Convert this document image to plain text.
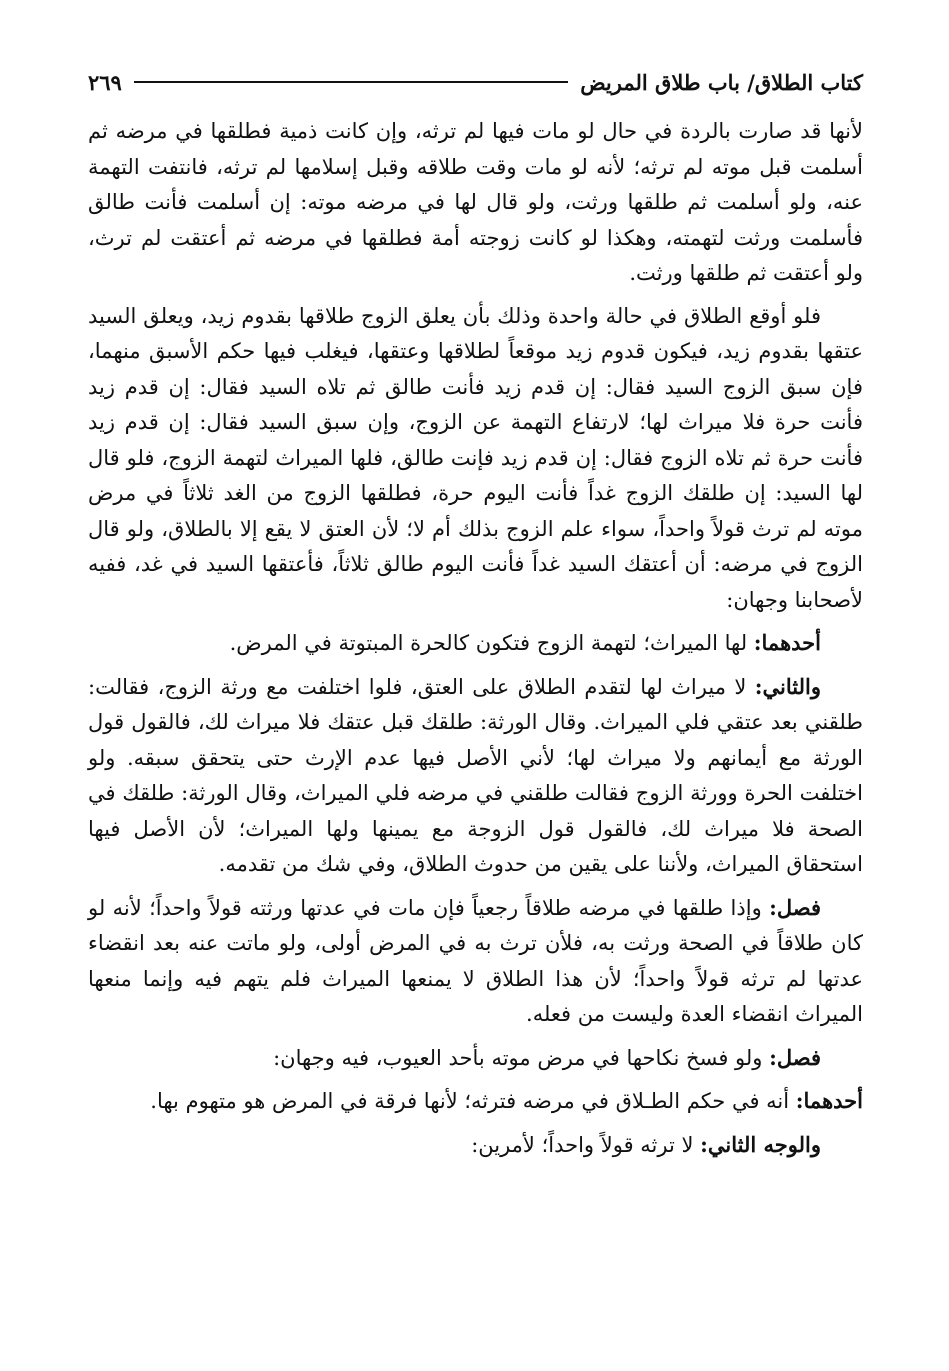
كتاب الطلاق/ باب طلاق المريض
٢٦٩

لأنها قد صارت بالردة في حال لو مات فيها لم ترثه، وإن كانت ذمية فطلقها في مرضه ثم أسلمت قبل موته لم ترثه؛ لأنه لو مات وقت طلاقه وقبل إسلامها لم ترثه، فانتفت التهمة عنه، ولو أسلمت ثم طلقها ورثت، ولو قال لها في مرضه موته: إن أسلمت فأنت طالق فأسلمت ورثت لتهمته، وهكذا لو كانت زوجته أمة فطلقها في مرضه ثم أعتقت لم ترث، ولو أعتقت ثم طلقها ورثت.

فلو أوقع الطلاق في حالة واحدة وذلك بأن يعلق الزوج طلاقها بقدوم زيد، ويعلق السيد عتقها بقدوم زيد، فيكون قدوم زيد موقعاً لطلاقها وعتقها، فيغلب فيها حكم الأسبق منهما، فإن سبق الزوج السيد فقال: إن قدم زيد فأنت طالق ثم تلاه السيد فقال: إن قدم زيد فأنت حرة فلا ميراث لها؛ لارتفاع التهمة عن الزوج، وإن سبق السيد فقال: إن قدم زيد فأنت حرة ثم تلاه الزوج فقال: إن قدم زيد فإنت طالق، فلها الميراث لتهمة الزوج، فلو قال لها السيد: إن طلقك الزوج غداً فأنت اليوم حرة، فطلقها الزوج من الغد ثلاثاً في مرض موته لم ترث قولاً واحداً، سواء علم الزوج بذلك أم لا؛ لأن العتق لا يقع إلا بالطلاق، ولو قال الزوج في مرضه: أن أعتقك السيد غداً فأنت اليوم طالق ثلاثاً، فأعتقها السيد في غد، ففيه لأصحابنا وجهان:

أحدهما: لها الميراث؛ لتهمة الزوج فتكون كالحرة المبتوتة في المرض.

والثاني: لا ميراث لها لتقدم الطلاق على العتق، فلوا اختلفت مع ورثة الزوج، فقالت: طلقني بعد عتقي فلي الميراث. وقال الورثة: طلقك قبل عتقك فلا ميراث لك، فالقول قول الورثة مع أيمانهم ولا ميراث لها؛ لأني الأصل فيها عدم الإرث حتى يتحقق سبقه. ولو اختلفت الحرة وورثة الزوج فقالت طلقني في مرضه فلي الميراث، وقال الورثة: طلقك في الصحة فلا ميراث لك، فالقول قول الزوجة مع يمينها ولها الميراث؛ لأن الأصل فيها استحقاق الميراث، ولأننا على يقين من حدوث الطلاق، وفي شك من تقدمه.

فصل: وإذا طلقها في مرضه طلاقاً رجعياً فإن مات في عدتها ورثته قولاً واحداً؛ لأنه لو كان طلاقاً في الصحة ورثت به، فلأن ترث به في المرض أولى، ولو ماتت عنه بعد انقضاء عدتها لم ترثه قولاً واحداً؛ لأن هذا الطلاق لا يمنعها الميراث فلم يتهم فيه وإنما منعها الميراث انقضاء العدة وليست من فعله.

فصل: ولو فسخ نكاحها في مرض موته بأحد العيوب، فيه وجهان:

أحدهما: أنه في حكم الطـلاق في مرضه فترثه؛ لأنها فرقة في المرض هو متهوم بها.

والوجه الثاني: لا ترثه قولاً واحداً؛ لأمرين:
